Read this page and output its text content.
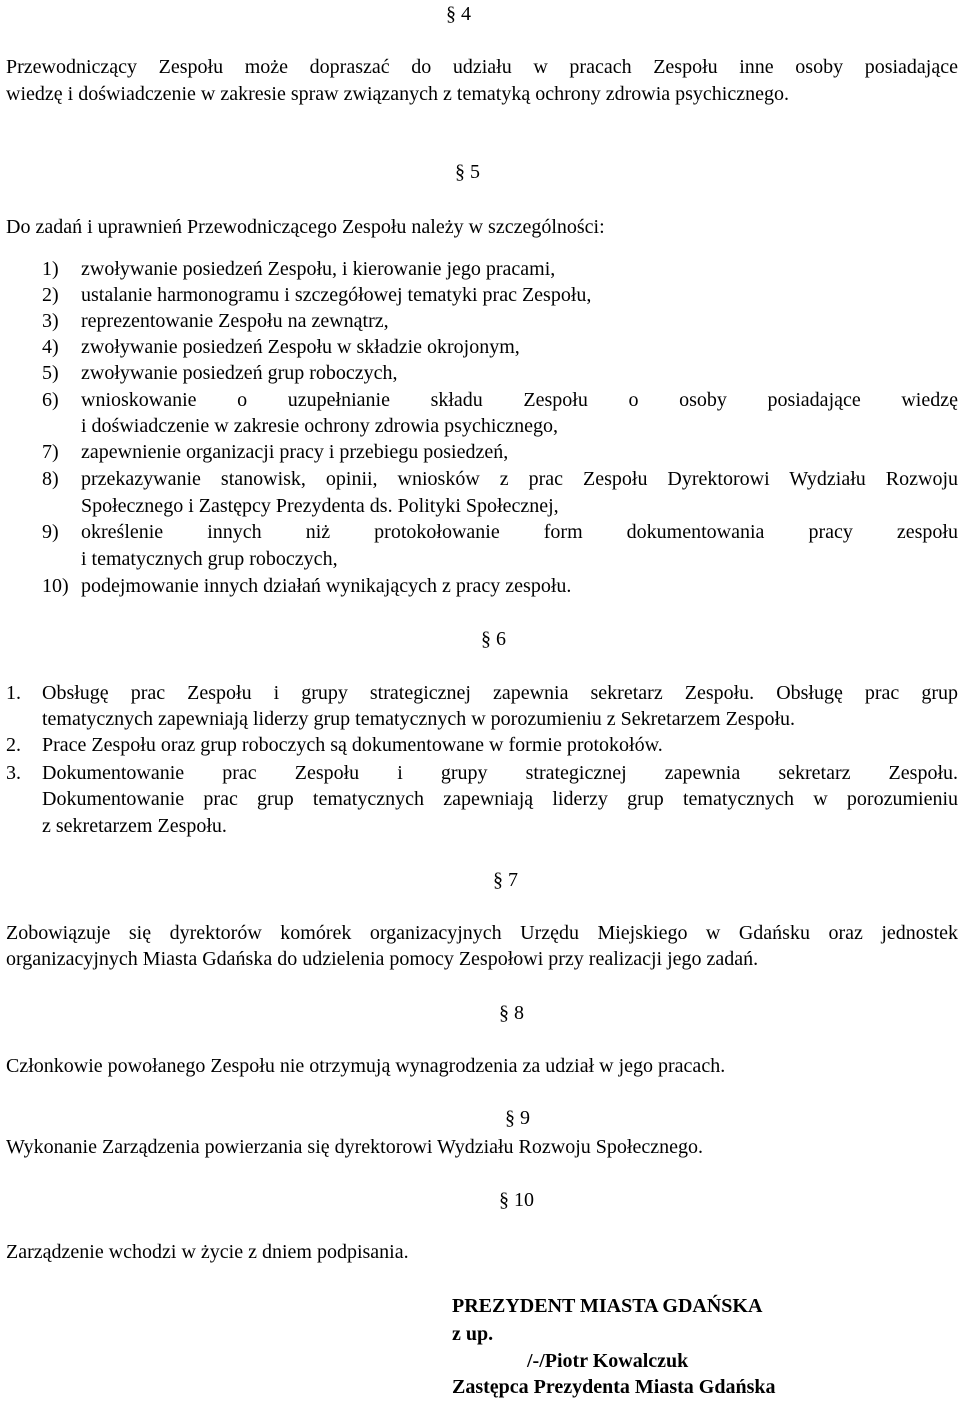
§ 4
Przewodniczący Zespołu może dopraszać do udziału w pracach Zespołu inne osoby posiadające
wiedzę i doświadczenie w zakresie spraw związanych z tematyką ochrony zdrowia psychicznego.
§ 5
Do zadań i uprawnień Przewodniczącego Zespołu należy w szczególności:
1) zwoływanie posiedzeń Zespołu, i kierowanie jego pracami,
2) ustalanie harmonogramu i szczegółowej tematyki prac Zespołu,
3) reprezentowanie Zespołu na zewnątrz,
4) zwoływanie posiedzeń Zespołu w składzie okrojonym,
5) zwoływanie posiedzeń grup roboczych,
6) wnioskowanie o uzupełnianie składu Zespołu o osoby posiadające wiedzę
i doświadczenie w zakresie ochrony zdrowia psychicznego,
7) zapewnienie organizacji pracy i przebiegu posiedzeń,
8) przekazywanie stanowisk, opinii, wniosków z prac Zespołu Dyrektorowi Wydziału Rozwoju
Społecznego i Zastępcy Prezydenta ds. Polityki Społecznej,
9) określenie innych niż protokołowanie form dokumentowania pracy zespołu
i tematycznych grup roboczych,
10) podejmowanie innych działań wynikających z pracy zespołu.
§ 6
1. Obsługę prac Zespołu i grupy strategicznej zapewnia sekretarz Zespołu. Obsługę prac grup
tematycznych zapewniają liderzy grup tematycznych w porozumieniu z Sekretarzem Zespołu.
2. Prace Zespołu oraz grup roboczych są dokumentowane w formie protokołów.
3. Dokumentowanie prac Zespołu i grupy strategicznej zapewnia sekretarz Zespołu.
Dokumentowanie prac grup tematycznych zapewniają liderzy grup tematycznych w porozumieniu
z sekretarzem Zespołu.
§ 7
Zobowiązuje się dyrektorów komórek organizacyjnych Urzędu Miejskiego w Gdańsku oraz jednostek
organizacyjnych Miasta Gdańska do udzielenia pomocy Zespołowi przy realizacji jego zadań.
§ 8
Członkowie powołanego Zespołu nie otrzymują wynagrodzenia za udział w jego pracach.
§ 9
Wykonanie Zarządzenia powierzania się dyrektorowi Wydziału Rozwoju Społecznego.
§ 10
Zarządzenie wchodzi w życie z dniem podpisania.
PREZYDENT MIASTA GDAŃSKA
z up.
/-/Piotr Kowalczuk
Zastępca Prezydenta Miasta Gdańska
